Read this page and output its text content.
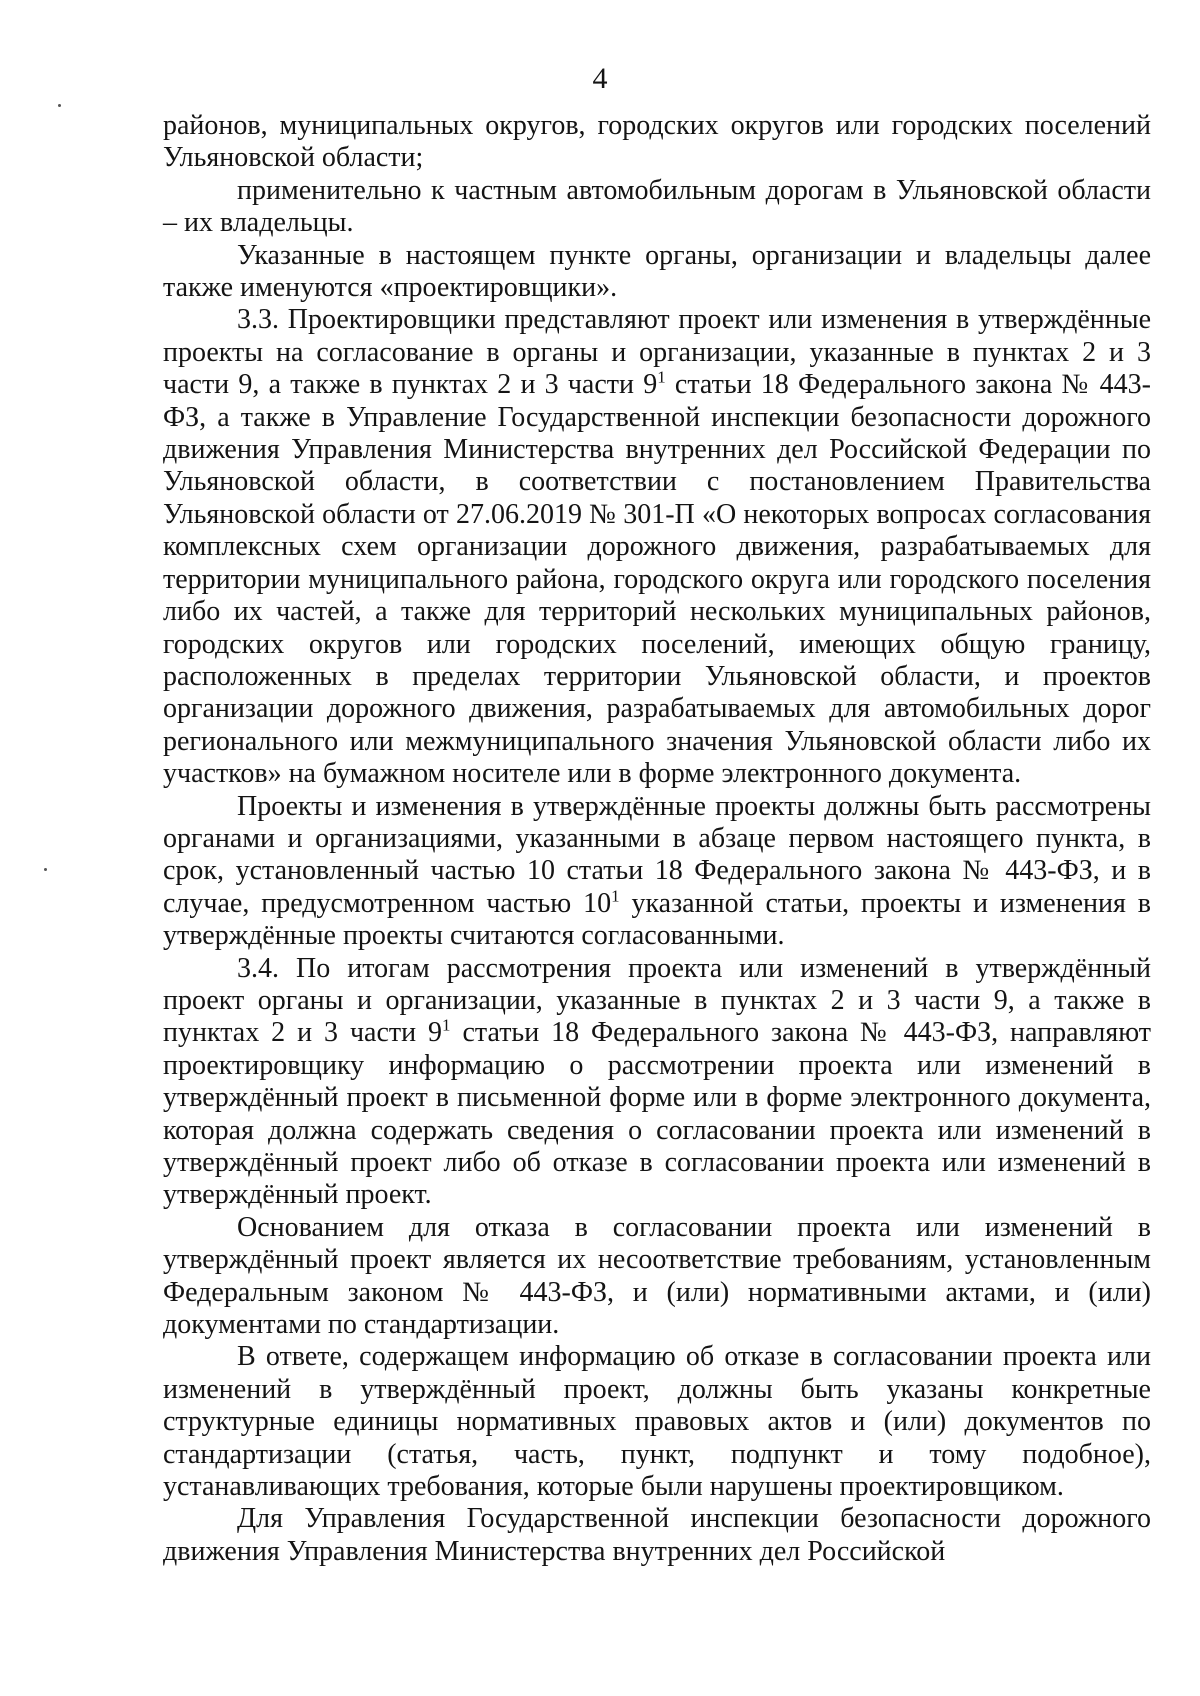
4

районов, муниципальных округов, городских округов или городских поселений Ульяновской области;

применительно к частным автомобильным дорогам в Ульяновской области – их владельцы.

Указанные в настоящем пункте органы, организации и владельцы далее также именуются «проектировщики».

3.3. Проектировщики представляют проект или изменения в утверждённые проекты на согласование в органы и организации, указанные в пунктах 2 и 3 части 9, а также в пунктах 2 и 3 части $9^1$ статьи 18 Федерального закона № 443-ФЗ, а также в Управление Государственной инспекции безопасности дорожного движения Управления Министерства внутренних дел Российской Федерации по Ульяновской области, в соответствии с постановлением Правительства Ульяновской области от 27.06.2019 № 301-П «О некоторых вопросах согласования комплексных схем организации дорожного движения, разрабатываемых для территории муниципального района, городского округа или городского поселения либо их частей, а также для территорий нескольких муниципальных районов, городских округов или городских поселений, имеющих общую границу, расположенных в пределах территории Ульяновской области, и проектов организации дорожного движения, разрабатываемых для автомобильных дорог регионального или межмуниципального значения Ульяновской области либо их участков» на бумажном носителе или в форме электронного документа.

Проекты и изменения в утверждённые проекты должны быть рассмотрены органами и организациями, указанными в абзаце первом настоящего пункта, в срок, установленный частью 10 статьи 18 Федерального закона № 443-ФЗ, и в случае, предусмотренном частью $10^1$ указанной статьи, проекты и изменения в утверждённые проекты считаются согласованными.

3.4. По итогам рассмотрения проекта или изменений в утверждённый проект органы и организации, указанные в пунктах 2 и 3 части 9, а также в пунктах 2 и 3 части $9^1$ статьи 18 Федерального закона № 443-ФЗ, направляют проектировщику информацию о рассмотрении проекта или изменений в утверждённый проект в письменной форме или в форме электронного документа, которая должна содержать сведения о согласовании проекта или изменений в утверждённый проект либо об отказе в согласовании проекта или изменений в утверждённый проект.

Основанием для отказа в согласовании проекта или изменений в утверждённый проект является их несоответствие требованиям, установленным Федеральным законом № 443-ФЗ, и (или) нормативными актами, и (или) документами по стандартизации.

В ответе, содержащем информацию об отказе в согласовании проекта или изменений в утверждённый проект, должны быть указаны конкретные структурные единицы нормативных правовых актов и (или) документов по стандартизации (статья, часть, пункт, подпункт и тому подобное), устанавливающих требования, которые были нарушены проектировщиком.

Для Управления Государственной инспекции безопасности дорожного движения Управления Министерства внутренних дел Российской
